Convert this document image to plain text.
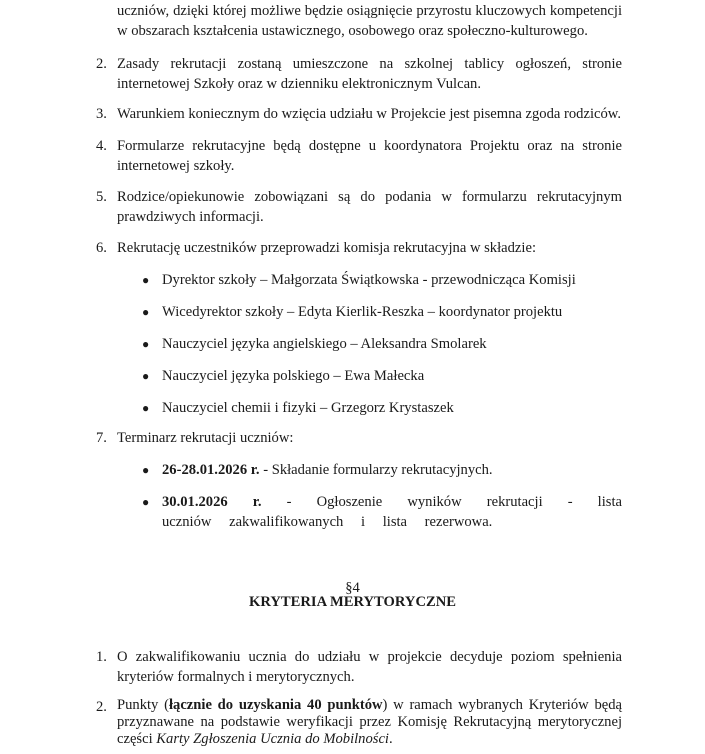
uczniów, dzięki której możliwe będzie osiągnięcie przyrostu kluczowych kompetencji w obszarach kształcenia ustawicznego, osobowego oraz społeczno-kulturowego.
2. Zasady rekrutacji zostaną umieszczone na szkolnej tablicy ogłoszeń, stronie internetowej Szkoły oraz w dzienniku elektronicznym Vulcan.
3. Warunkiem koniecznym do wzięcia udziału w Projekcie jest pisemna zgoda rodziców.
4. Formularze rekrutacyjne będą dostępne u koordynatora Projektu oraz na stronie internetowej szkoły.
5. Rodzice/opiekunowie zobowiązani są do podania w formularzu rekrutacyjnym prawdziwych informacji.
6. Rekrutację uczestników przeprowadzi komisja rekrutacyjna w składzie:
● Dyrektor szkoły – Małgorzata Świątkowska - przewodnicząca Komisji
● Wicedyrektor szkoły – Edyta Kierlik-Reszka – koordynator projektu
● Nauczyciel języka angielskiego – Aleksandra Smolarek
● Nauczyciel języka polskiego – Ewa Małecka
● Nauczyciel chemii i fizyki – Grzegorz Krystaszek
7. Terminarz rekrutacji uczniów:
● 26-28.01.2026 r. - Składanie formularzy rekrutacyjnych.
● 30.01.2026 r. - Ogłoszenie wyników rekrutacji - lista uczniów zakwalifikowanych i lista rezerwowa.
§4
KRYTERIA MERYTORYCZNE
1. O zakwalifikowaniu ucznia do udziału w projekcie decyduje poziom spełnienia kryteriów formalnych i merytorycznych.
2. Punkty (łącznie do uzyskania 40 punktów) w ramach wybranych Kryteriów będą przyznawane na podstawie weryfikacji przez Komisję Rekrutacyjną merytorycznej części Karty Zgłoszenia Ucznia do Mobilności.
